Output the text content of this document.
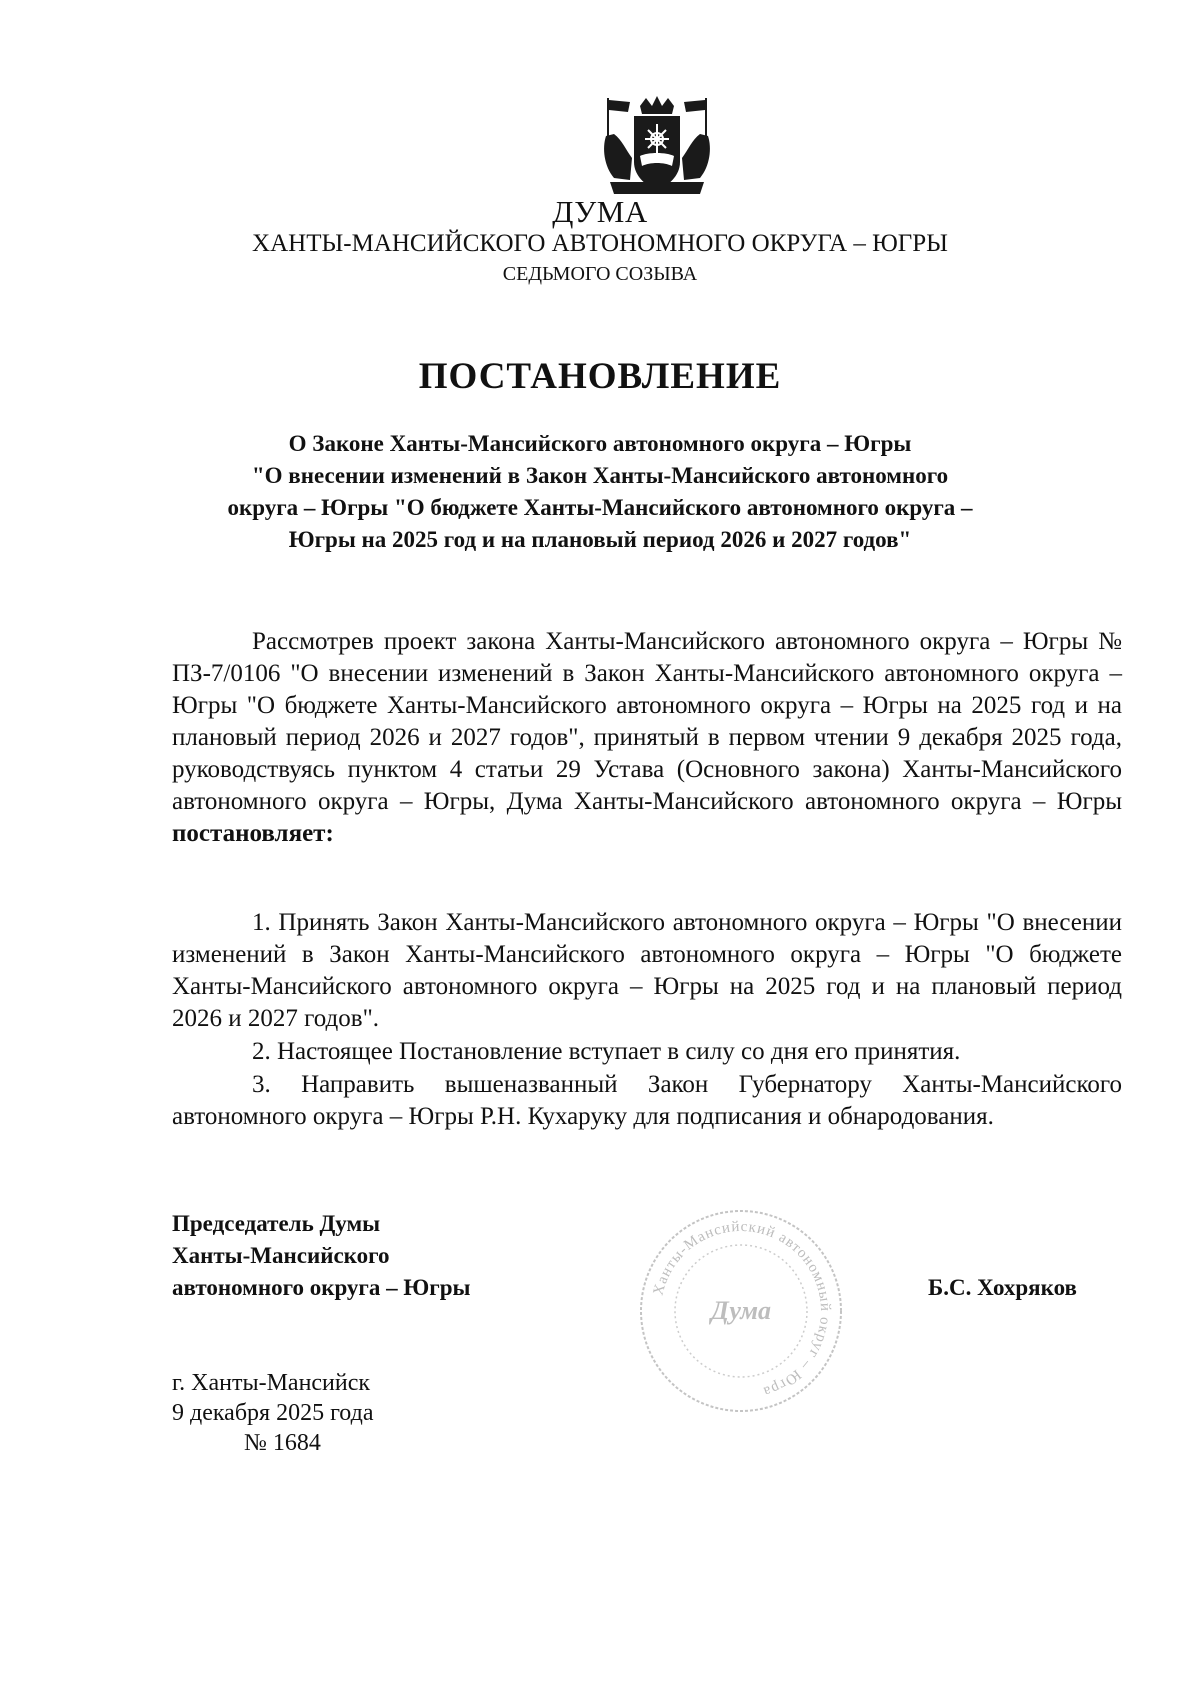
ДУМА
ХАНТЫ-МАНСИЙСКОГО АВТОНОМНОГО ОКРУГА – ЮГРЫ
СЕДЬМОГО СОЗЫВА
ПОСТАНОВЛЕНИЕ
О Законе Ханты-Мансийского автономного округа – Югры
"О внесении изменений в Закон Ханты-Мансийского автономного
округа – Югры "О бюджете Ханты-Мансийского автономного округа –
Югры на 2025 год и на плановый период 2026 и 2027 годов"
Рассмотрев проект закона Ханты-Мансийского автономного округа – Югры № ПЗ-7/0106 "О внесении изменений в Закон Ханты-Мансийского автономного округа – Югры "О бюджете Ханты-Мансийского автономного округа – Югры на 2025 год и на плановый период 2026 и 2027 годов", принятый в первом чтении 9 декабря 2025 года, руководствуясь пунктом 4 статьи 29 Устава (Основного закона) Ханты-Мансийского автономного округа – Югры, Дума Ханты-Мансийского автономного округа – Югры постановляет:
1. Принять Закон Ханты-Мансийского автономного округа – Югры "О внесении изменений в Закон Ханты-Мансийского автономного округа – Югры "О бюджете Ханты-Мансийского автономного округа – Югры на 2025 год и на плановый период 2026 и 2027 годов".
2. Настоящее Постановление вступает в силу со дня его принятия.
3. Направить вышеназванный Закон Губернатору Ханты-Мансийского автономного округа – Югры Р.Н. Кухаруку для подписания и обнародования.
Председатель Думы
Ханты-Мансийского
автономного округа – Югры	Ханты-Мансийский автономный округ – Югра
Дума
Б.С. Хохряков
г. Ханты-Мансийск
9 декабря 2025 года
№ 1684
